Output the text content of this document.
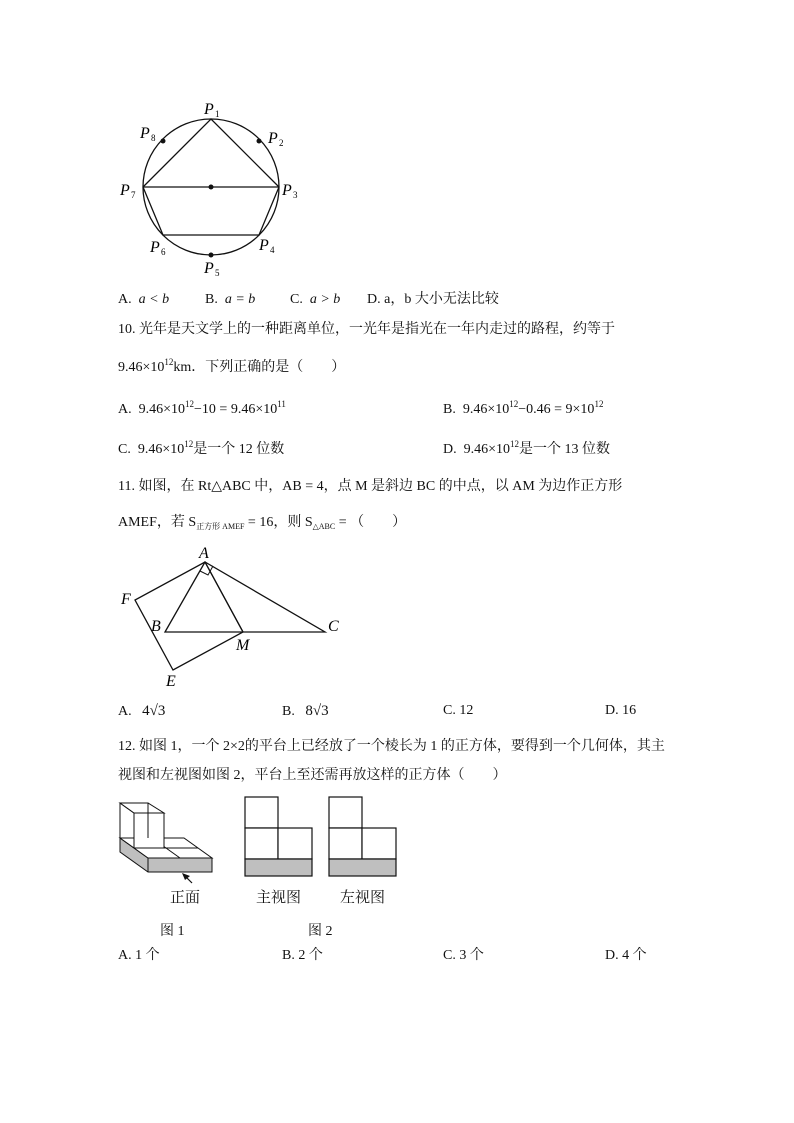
P 1
P 2
P 3
P 4
P 5
P 6
P 7
P 8
A. a < b	B. a = b C. a > b D. a，b 大小无法比较
10. 光年是天文学上的一种距离单位，一光年是指光在一年内走过的路程，约等于
$9.46\times 10^{12}km$．下列正确的是（　　）
A. $9.46\times 10^{12}-10 = 9.46\times 10^{11}$	B. $9.46\times 10^{12}-0.46 = 9\times 10^{12}$
C. $9.46\times 10^{12}$是一个 12 位数	D. $9.46\times 10^{12}$是一个 13 位数
11. 如图，在 Rt△ABC 中，AB = 4，点 M 是斜边 BC 的中点，以 AM 为边作正方形
AMEF，若 $S_{正方形 AMEF} = 16$，则 $S_{\triangle ABC}$ = （　　）
A
B	C
M
E
F
A. 4√3	B. 8√3	C. 12	D. 16
12. 如图 1，一个 2×2的平台上已经放了一个棱长为 1 的正方体，要得到一个几何体，其主
视图和左视图如图 2，平台上至还需再放这样的正方体（　　）
正面	主视图	左视图
图 1	图 2
A. 1 个	B. 2 个	C. 3 个	D. 4 个
